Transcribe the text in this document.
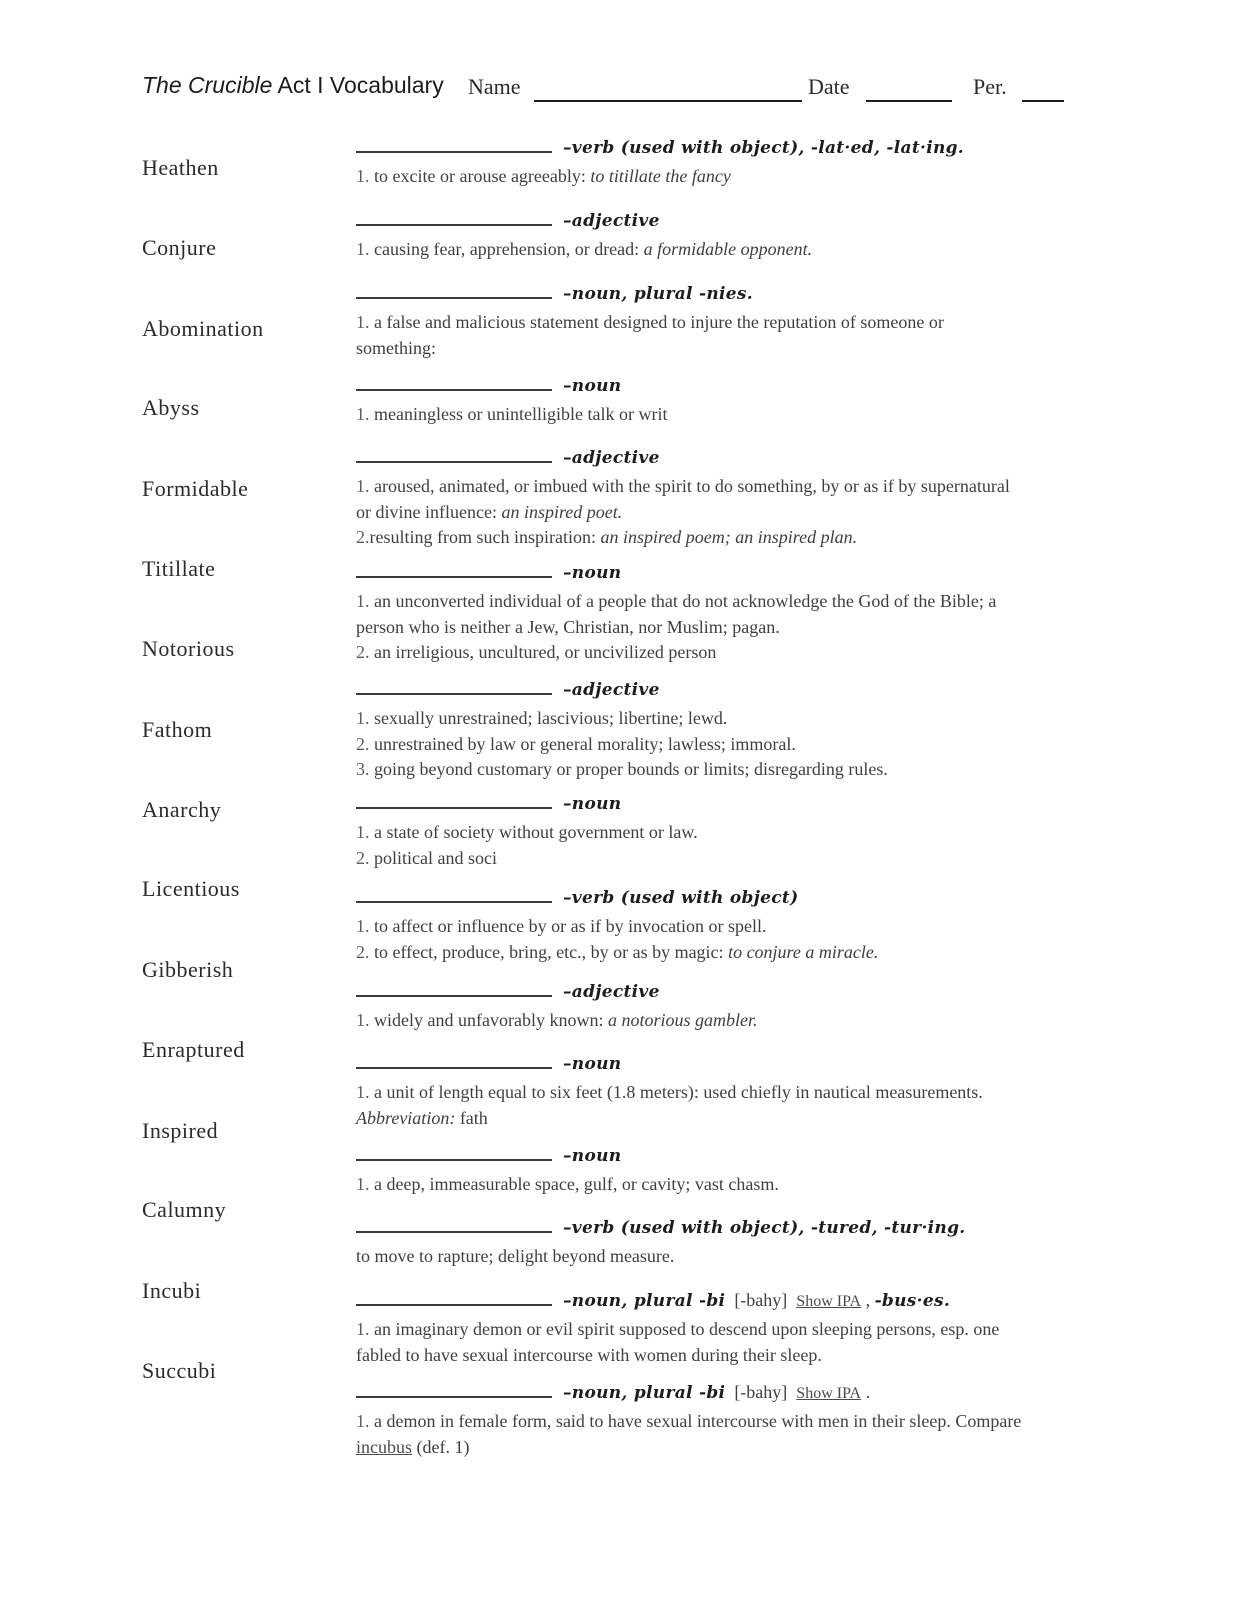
The Crucible Act I Vocabulary Name	Date	Per.
Heathen
Conjure
Abomination
Abyss
Formidable
Titillate
Notorious
Fathom
Anarchy
Licentious
Gibberish
Enraptured
Inspired
Calumny
Incubi
Succubi
–verb (used with object), -lat·ed, -lat·ing.
1. to excite or arouse agreeably: to titillate the fancy
–adjective
1. causing fear, apprehension, or dread: a formidable opponent.
–noun, plural -nies.
1. a false and malicious statement designed to injure the reputation of someone or
something:
–noun
1. meaningless or unintelligible talk or writ
–adjective
1. aroused, animated, or imbued with the spirit to do something, by or as if by supernatural
or divine influence: an inspired poet.
2.resulting from such inspiration: an inspired poem; an inspired plan.
–noun
1. an unconverted individual of a people that do not acknowledge the God of the Bible; a
person who is neither a Jew, Christian, nor Muslim; pagan.
2. an irreligious, uncultured, or uncivilized person
–adjective
1. sexually unrestrained; lascivious; libertine; lewd.
2. unrestrained by law or general morality; lawless; immoral.
3. going beyond customary or proper bounds or limits; disregarding rules.
–noun
1. a state of society without government or law.
2. political and soci
–verb (used with object)
1. to affect or influence by or as if by invocation or spell.
2. to effect, produce, bring, etc., by or as by magic: to conjure a miracle.
–adjective
1. widely and unfavorably known: a notorious gambler.
–noun
1. a unit of length equal to six feet (1.8 meters): used chiefly in nautical measurements.
Abbreviation: fath
–noun
1. a deep, immeasurable space, gulf, or cavity; vast chasm.
–verb (used with object), -tured, -tur·ing.
to move to rapture; delight beyond measure.
–noun, plural -bi  [-bahy]  Show IPA , -bus·es.
1. an imaginary demon or evil spirit supposed to descend upon sleeping persons, esp. one
fabled to have sexual intercourse with women during their sleep.
–noun, plural -bi  [-bahy]  Show IPA .
1. a demon in female form, said to have sexual intercourse with men in their sleep. Compare
incubus (def. 1)
